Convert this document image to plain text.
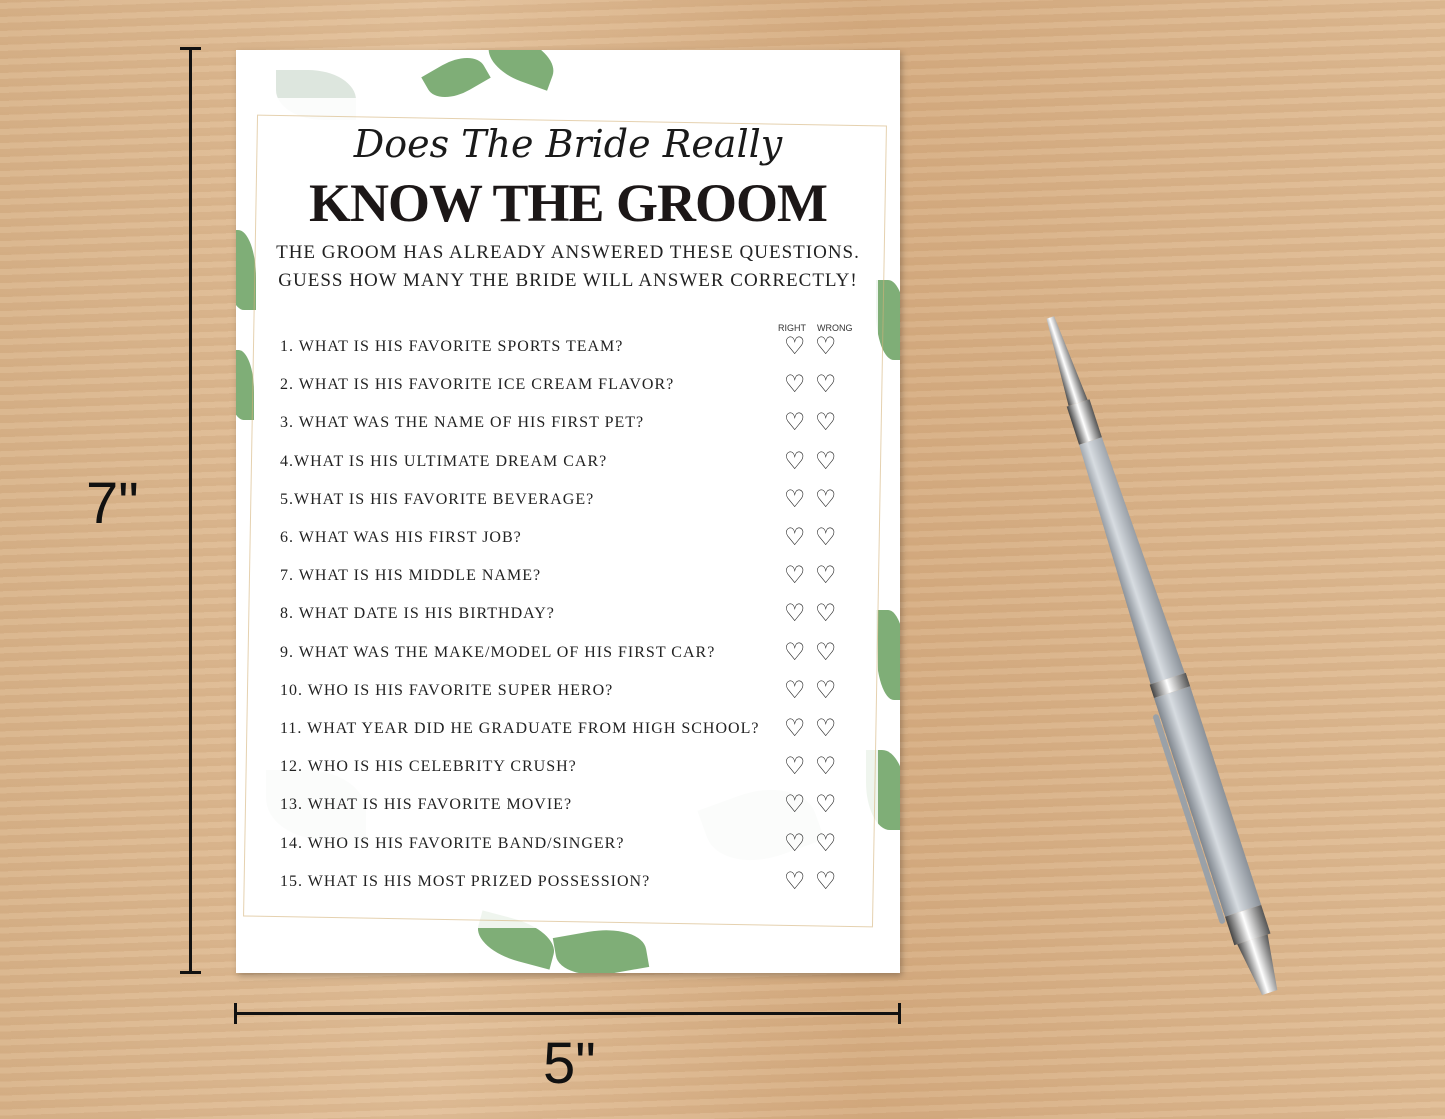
7"
5"
Does The Bride Really
KNOW THE GROOM
THE GROOM HAS ALREADY ANSWERED THESE QUESTIONS.
GUESS HOW MANY THE BRIDE WILL ANSWER CORRECTLY!
RIGHT WRONG
1. WHAT IS HIS FAVORITE SPORTS TEAM?	♡ ♡
2. WHAT IS HIS FAVORITE ICE CREAM FLAVOR?	♡ ♡
3. WHAT WAS THE NAME OF HIS FIRST PET?	♡ ♡
4.WHAT IS HIS ULTIMATE DREAM CAR?	♡ ♡
5.WHAT IS HIS FAVORITE BEVERAGE?	♡ ♡
6. WHAT WAS HIS FIRST JOB?	♡ ♡
7. WHAT IS HIS MIDDLE NAME?	♡ ♡
8. WHAT DATE IS HIS BIRTHDAY?	♡ ♡
9. WHAT WAS THE MAKE/MODEL OF HIS FIRST CAR?	♡ ♡
10. WHO IS HIS FAVORITE SUPER HERO?	♡ ♡
11. WHAT YEAR DID HE GRADUATE FROM HIGH SCHOOL? ♡ ♡
12. WHO IS HIS CELEBRITY CRUSH?	♡ ♡
13. WHAT IS HIS FAVORITE MOVIE?	♡ ♡
14. WHO IS HIS FAVORITE BAND/SINGER?	♡ ♡
15. WHAT IS HIS MOST PRIZED POSSESSION?	♡ ♡
